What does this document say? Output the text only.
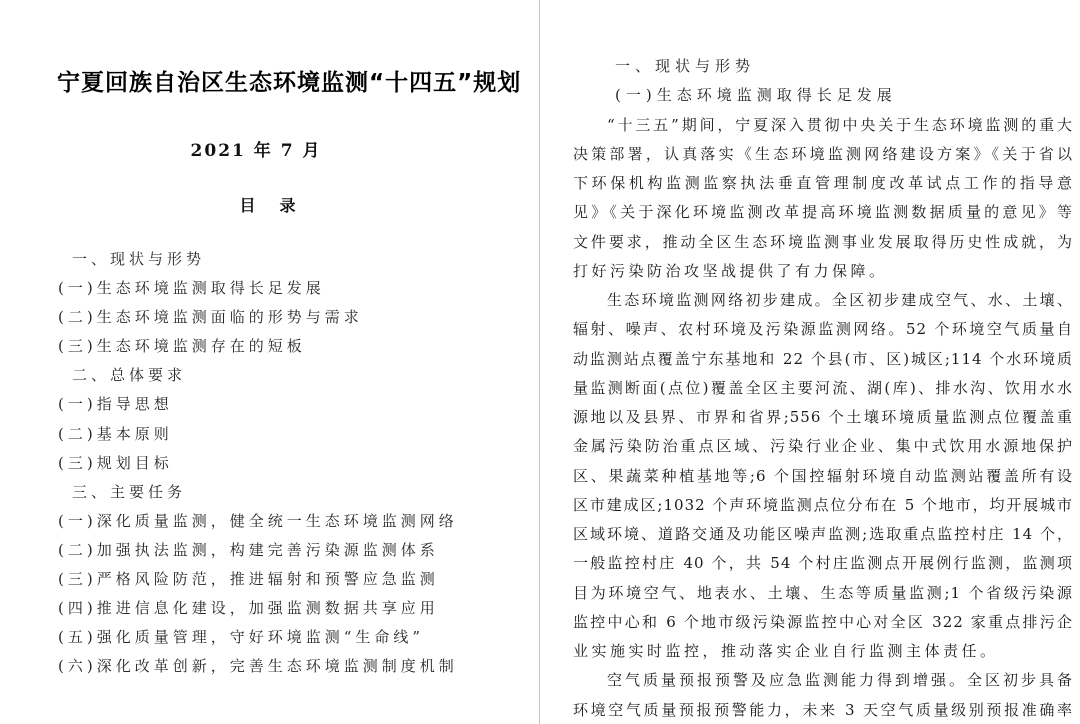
宁夏回族自治区生态环境监测“十四五”规划
2021 年 7 月
目　录
一、现状与形势
(一)生态环境监测取得长足发展
(二)生态环境监测面临的形势与需求
(三)生态环境监测存在的短板
二、总体要求
(一)指导思想
(二)基本原则
(三)规划目标
三、主要任务
(一)深化质量监测，健全统一生态环境监测网络
(二)加强执法监测，构建完善污染源监测体系
(三)严格风险防范，推进辐射和预警应急监测
(四)推进信息化建设，加强监测数据共享应用
(五)强化质量管理，守好环境监测“生命线”
(六)深化改革创新，完善生态环境监测制度机制
一、现状与形势
(一)生态环境监测取得长足发展
“十三五”期间，宁夏深入贯彻中央关于生态环境监测的重大
决策部署，认真落实《生态环境监测网络建设方案》《关于省以
下环保机构监测监察执法垂直管理制度改革试点工作的指导意
见》《关于深化环境监测改革提高环境监测数据质量的意见》等
文件要求，推动全区生态环境监测事业发展取得历史性成就，为
打好污染防治攻坚战提供了有力保障。
生态环境监测网络初步建成。全区初步建成空气、水、土壤、
辐射、噪声、农村环境及污染源监测网络。52 个环境空气质量自
动监测站点覆盖宁东基地和 22 个县(市、区)城区;114 个水环境质
量监测断面(点位)覆盖全区主要河流、湖(库)、排水沟、饮用水水
源地以及县界、市界和省界;556 个土壤环境质量监测点位覆盖重
金属污染防治重点区域、污染行业企业、集中式饮用水源地保护
区、果蔬菜种植基地等;6 个国控辐射环境自动监测站覆盖所有设
区市建成区;1032 个声环境监测点位分布在 5 个地市，均开展城市
区域环境、道路交通及功能区噪声监测;选取重点监控村庄 14 个，
一般监控村庄 40 个，共 54 个村庄监测点开展例行监测，监测项
目为环境空气、地表水、土壤、生态等质量监测;1 个省级污染源
监控中心和 6 个地市级污染源监控中心对全区 322 家重点排污企
业实施实时监控，推动落实企业自行监测主体责任。
空气质量预报预警及应急监测能力得到增强。全区初步具备
环境空气质量预报预警能力，未来 3 天空气质量级别预报准确率
